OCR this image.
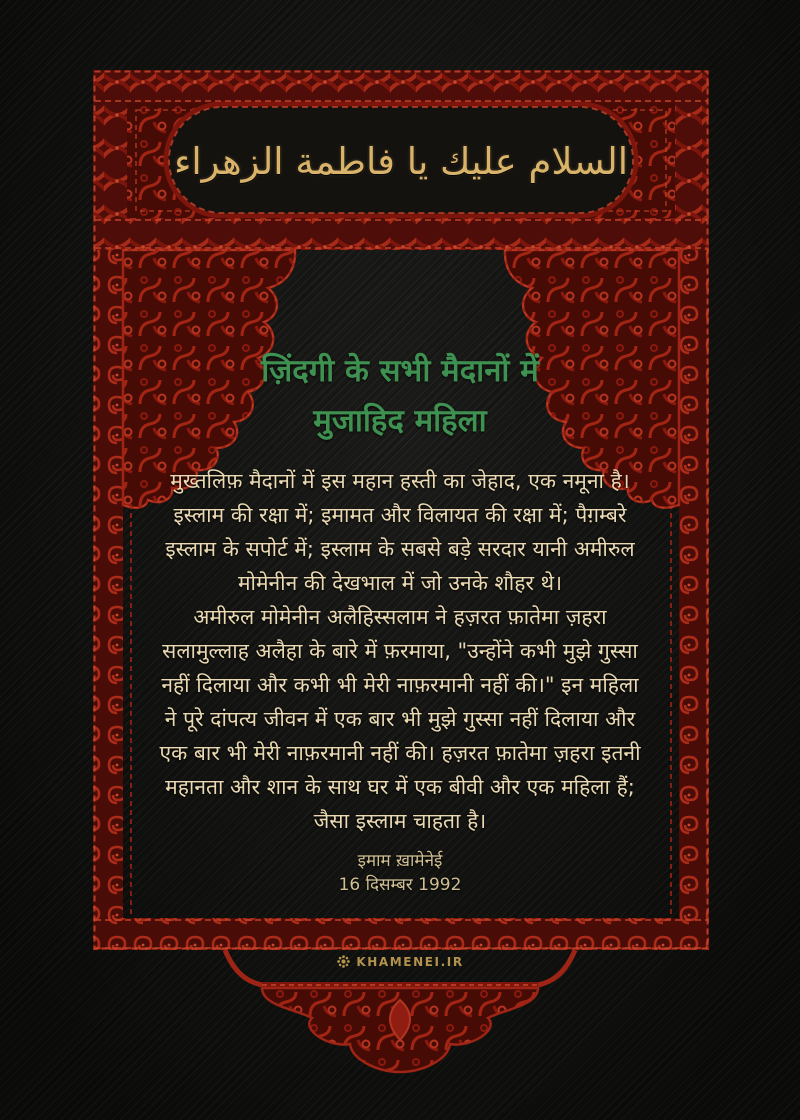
السلام عليك يا فاطمة الزهراء
ज़िंदगी के सभी मैदानों में
मुजाहिद महिला
मुख्तलिफ़ मैदानों में इस महान हस्ती का जेहाद, एक नमूना है।
इस्लाम की रक्षा में; इमामत और विलायत की रक्षा में; पैग़म्बरे
इस्लाम के सपोर्ट में; इस्लाम के सबसे बड़े सरदार यानी अमीरुल
मोमेनीन की देखभाल में जो उनके शौहर थे।
अमीरुल मोमेनीन अलैहिस्सलाम ने हज़रत फ़ातेमा ज़हरा
सलामुल्लाह अलैहा के बारे में फ़रमाया, "उन्होंने कभी मुझे गुस्सा
नहीं दिलाया और कभी भी मेरी नाफ़रमानी नहीं की।" इन महिला
ने पूरे दांपत्य जीवन में एक बार भी मुझे गुस्सा नहीं दिलाया और
एक बार भी मेरी नाफ़रमानी नहीं की। हज़रत फ़ातेमा ज़हरा इतनी
महानता और शान के साथ घर में एक बीवी और एक महिला हैं;
जैसा इस्लाम चाहता है।
इमाम ख़ामेनेई
16 दिसम्बर 1992
KHAMENEI.IR
